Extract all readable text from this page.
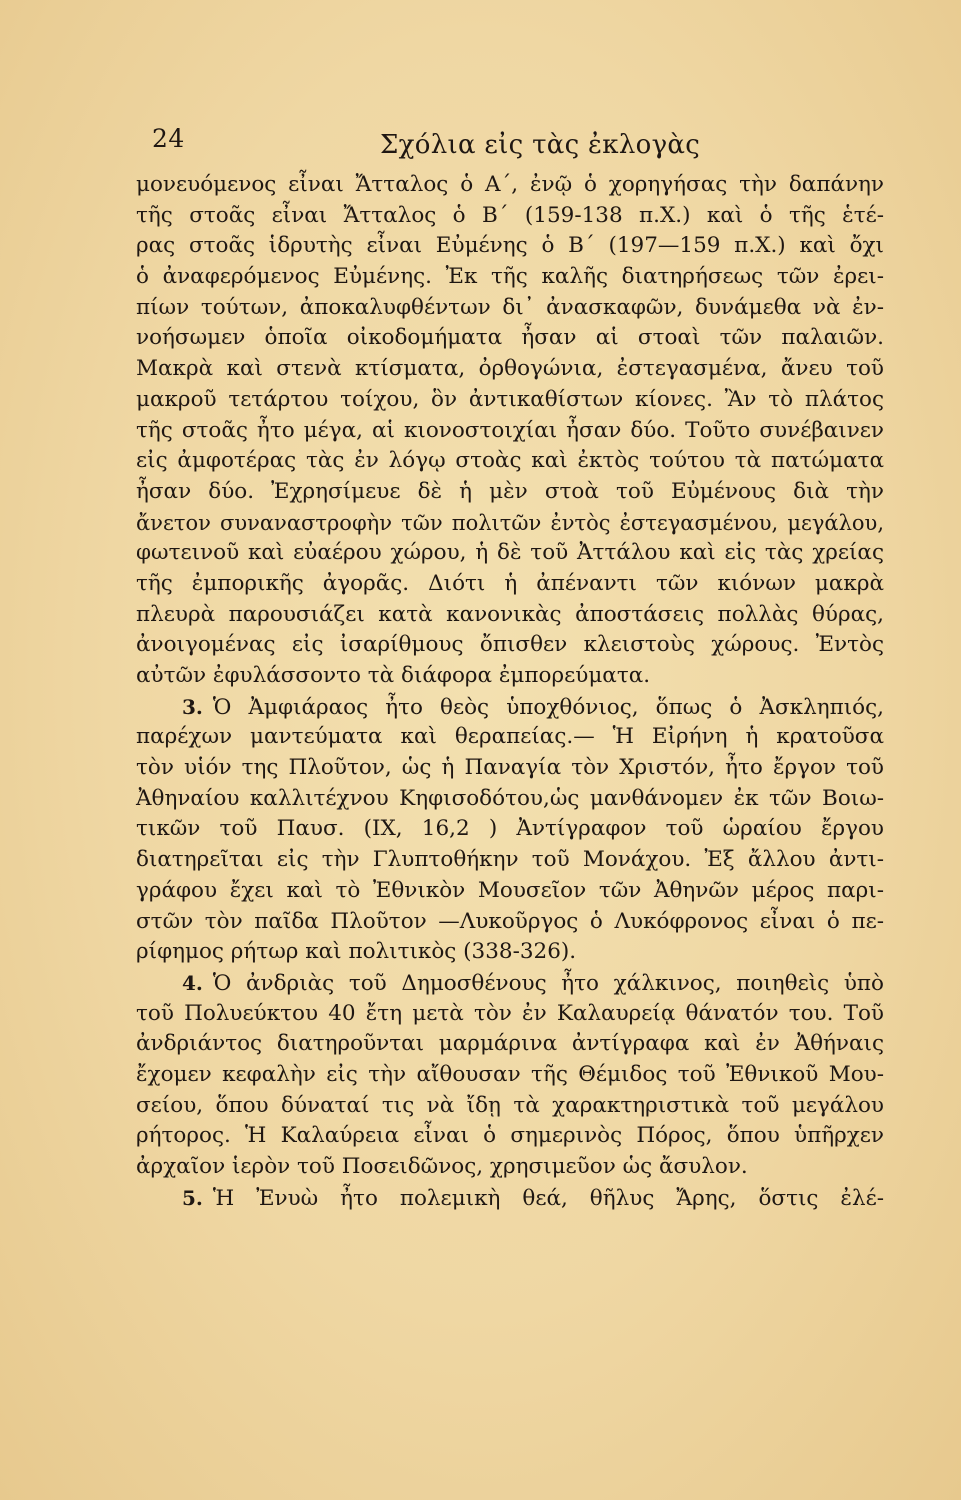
24	Σχόλια εἰς τὰς ἐκλογὰς
μονευόμενος εἶναι Ἄτταλος ὁ Α΄, ἐνῷ ὁ χορηγήσας τὴν δαπάνην
τῆς στοᾶς εἶναι Ἄτταλος ὁ Β΄ (159-138 π.Χ.) καὶ ὁ τῆς ἑτέ-
ρας στοᾶς ἱδρυτὴς εἶναι Εὐμένης ὁ Β΄ (197—159 π.Χ.) καὶ ὄχι
ὁ ἀναφερόμενος Εὐμένης. Ἐκ τῆς καλῆς διατηρήσεως τῶν ἐρει-
πίων τούτων, ἀποκαλυφθέντων δι᾽ ἀνασκαφῶν, δυνάμεθα νὰ ἐν-
νοήσωμεν ὁποῖα οἰκοδομήματα ἦσαν αἱ στοαὶ τῶν παλαιῶν.
Μακρὰ καὶ στενὰ κτίσματα, ὀρθογώνια, ἐστεγασμένα, ἄνευ τοῦ
μακροῦ τετάρτου τοίχου, ὃν ἀντικαθίστων κίονες. Ἂν τὸ πλάτος
τῆς στοᾶς ἦτο μέγα, αἱ κιονοστοιχίαι ἦσαν δύο. Τοῦτο συνέβαινεν
εἰς ἀμφοτέρας τὰς ἐν λόγῳ στοὰς καὶ ἐκτὸς τούτου τὰ πατώματα
ἦσαν δύο. Ἐχρησίμευε δὲ ἡ μὲν στοὰ τοῦ Εὐμένους διὰ τὴν
ἄνετον συναναστροφὴν τῶν πολιτῶν ἐντὸς ἐστεγασμένου, μεγάλου,
φωτεινοῦ καὶ εὐαέρου χώρου, ἡ δὲ τοῦ Ἀττάλου καὶ εἰς τὰς χρείας
τῆς ἐμπορικῆς ἀγορᾶς. Διότι ἡ ἀπέναντι τῶν κιόνων μακρὰ
πλευρὰ παρουσιάζει κατὰ κανονικὰς ἀποστάσεις πολλὰς θύρας,
ἀνοιγομένας εἰς ἰσαρίθμους ὄπισθεν κλειστοὺς χώρους. Ἐντὸς
αὐτῶν ἐφυλάσσοντο τὰ διάφορα ἐμπορεύματα.
3. Ὁ Ἀμφιάραος ἦτο θεὸς ὑποχθόνιος, ὅπως ὁ Ἀσκληπιός,
παρέχων μαντεύματα καὶ θεραπείας.— Ἡ Εἰρήνη ἡ κρατοῦσα
τὸν υἱόν της Πλοῦτον, ὡς ἡ Παναγία τὸν Χριστόν, ἦτο ἔργον τοῦ
Ἀθηναίου καλλιτέχνου Κηφισοδότου,ὡς μανθάνομεν ἐκ τῶν Βοιω-
τικῶν τοῦ Παυσ. (ΙΧ, 16,2 ) Ἀντίγραφον τοῦ ὡραίου ἔργου
διατηρεῖται εἰς τὴν Γλυπτοθήκην τοῦ Μονάχου. Ἐξ ἄλλου ἀντι-
γράφου ἔχει καὶ τὸ Ἐθνικὸν Μουσεῖον τῶν Ἀθηνῶν μέρος παρι-
στῶν τὸν παῖδα Πλοῦτον —Λυκοῦργος ὁ Λυκόφρονος εἶναι ὁ πε-
ρίφημος ρήτωρ καὶ πολιτικὸς (338-326).
4. Ὁ ἀνδριὰς τοῦ Δημοσθένους ἦτο χάλκινος, ποιηθεὶς ὑπὸ
τοῦ Πολυεύκτου 40 ἔτη μετὰ τὸν ἐν Καλαυρείᾳ θάνατόν του. Τοῦ
ἀνδριάντος διατηροῦνται μαρμάρινα ἀντίγραφα καὶ ἐν Ἀθήναις
ἔχομεν κεφαλὴν εἰς τὴν αἴθουσαν τῆς Θέμιδος τοῦ Ἐθνικοῦ Μου-
σείου, ὅπου δύναταί τις νὰ ἴδῃ τὰ χαρακτηριστικὰ τοῦ μεγάλου
ρήτορος. Ἡ Καλαύρεια εἶναι ὁ σημερινὸς Πόρος, ὅπου ὑπῆρχεν
ἀρχαῖον ἱερὸν τοῦ Ποσειδῶνος, χρησιμεῦον ὡς ἄσυλον.
5. Ἡ Ἐνυὼ ἦτο πολεμικὴ θεά, θῆλυς Ἄρης, ὅστις ἐλέ-
